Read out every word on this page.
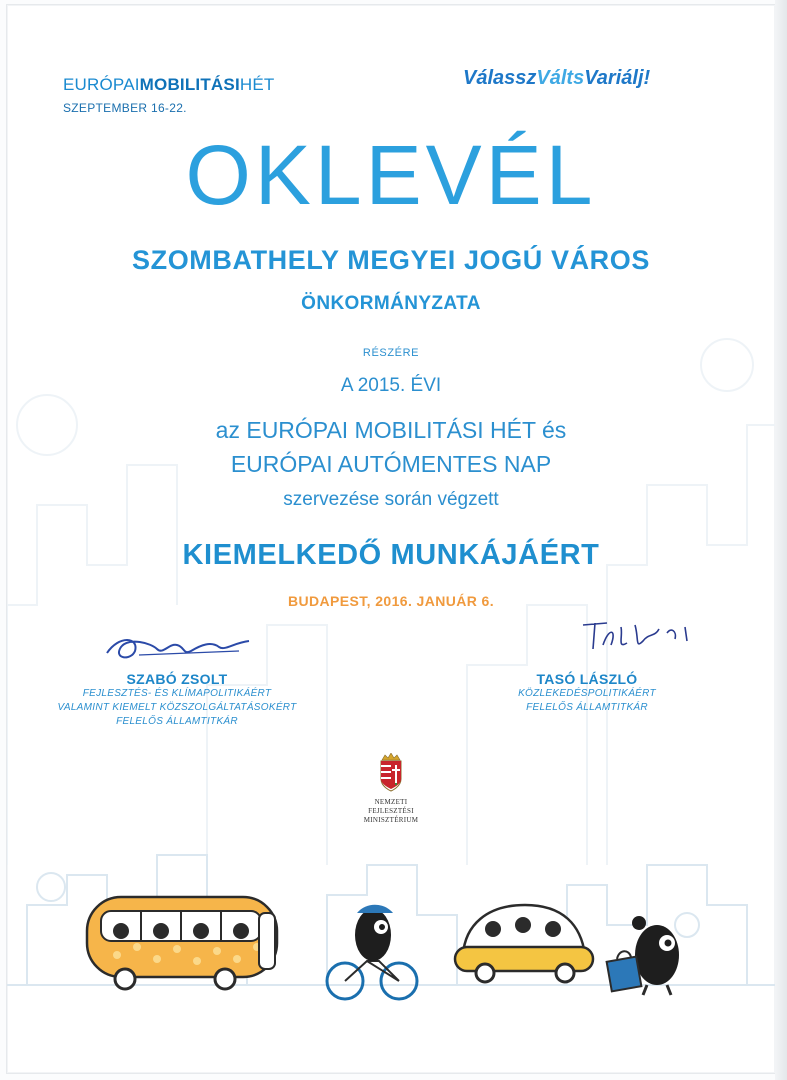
EURÓPAIMOBILITÁSIHÉT
SZEPTEMBER 16-22.
VálasszVáltsVariálj!
OKLEVÉL
SZOMBATHELY MEGYEI JOGÚ VÁROS
ÖNKORMÁNYZATA
RÉSZÉRE
A 2015. ÉVI
az EURÓPAI MOBILITÁSI HÉT és
EURÓPAI AUTÓMENTES NAP
szervezése során végzett
KIEMELKEDŐ MUNKÁJÁÉRT
BUDAPEST, 2016. JANUÁR 6.
SZABÓ ZSOLT
FEJLESZTÉS- ÉS KLÍMAPOLITIKÁÉRT
VALAMINT KIEMELT KÖZSZOLGÁLTATÁSOKÉRT
FELELŐS ÁLLAMTITKÁR
TASÓ LÁSZLÓ
KÖZLEKEDÉSPOLITIKÁÉRT
FELELŐS ÁLLAMTITKÁR
NEMZETI FEJLESZTÉSI
MINISZTÉRIUM
